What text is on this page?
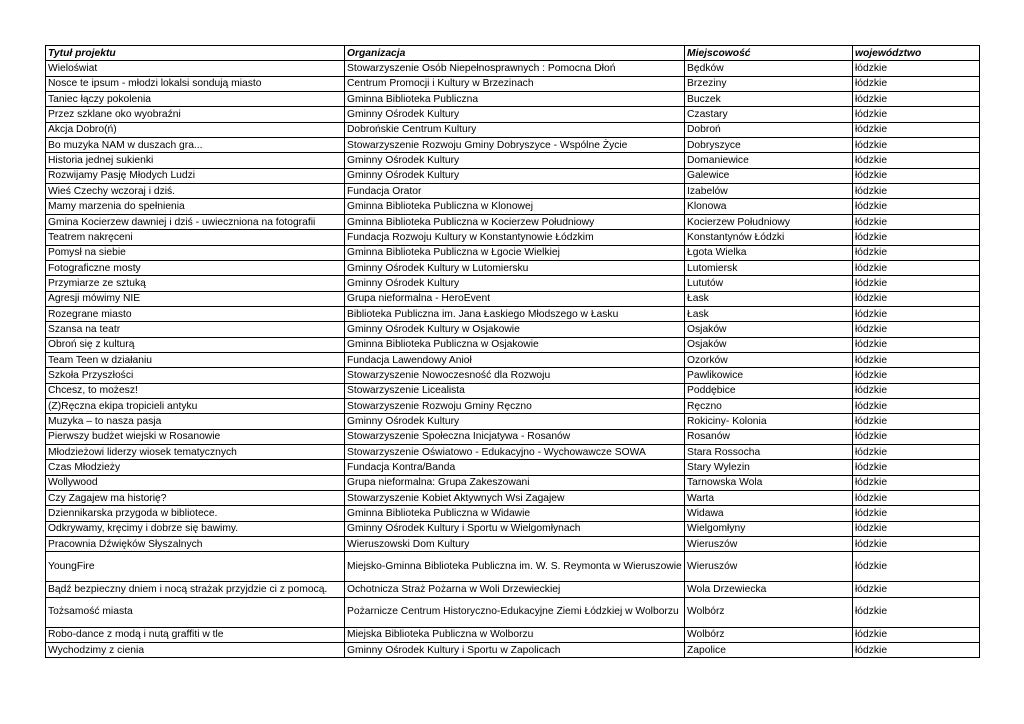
Tytuł projektu	Organizacja	Miejscowość	województwo
Wieloświat	Stowarzyszenie Osób Niepełnosprawnych : Pomocna Dłoń	Będków	łódzkie
Nosce te ipsum - młodzi lokalsi sondują miasto	Centrum Promocji i Kultury w Brzezinach	Brzeziny	łódzkie
Taniec łączy pokolenia	Gminna Biblioteka Publiczna	Buczek	łódzkie
Przez szklane oko wyobraźni	Gminny Ośrodek Kultury	Czastary	łódzkie
Akcja Dobro(ń)	Dobrońskie Centrum Kultury	Dobroń	łódzkie
Bo muzyka NAM w duszach gra...	Stowarzyszenie Rozwoju Gminy Dobryszyce - Wspólne Życie	Dobryszyce	łódzkie
Historia jednej sukienki	Gminny Ośrodek Kultury	Domaniewice	łódzkie
Rozwijamy Pasję Młodych Ludzi	Gminny Ośrodek Kultury	Galewice	łódzkie
Wieś Czechy wczoraj i dziś.	Fundacja Orator	Izabelów	łódzkie
Mamy marzenia do spełnienia	Gminna Biblioteka Publiczna w Klonowej	Klonowa	łódzkie
Gmina Kocierzew dawniej i dziś - uwieczniona na fotografii	Gminna Biblioteka Publiczna w Kocierzew Południowy	Kocierzew Południowy	łódzkie
Teatrem nakręceni	Fundacja Rozwoju Kultury w Konstantynowie Łódzkim	Konstantynów Łódzki	łódzkie
Pomysł na siebie	Gminna Biblioteka Publiczna w Łgocie Wielkiej	Łgota Wielka	łódzkie
Fotograficzne mosty	Gminny Ośrodek Kultury w Lutomiersku	Lutomiersk	łódzkie
Przymiarze ze sztuką	Gminny Ośrodek Kultury	Lututów	łódzkie
Agresji mówimy NIE	Grupa nieformalna - HeroEvent	Łask	łódzkie
Rozegrane miasto	Biblioteka Publiczna im. Jana Łaskiego Młodszego w Łasku	Łask	łódzkie
Szansa na teatr	Gminny Ośrodek Kultury w Osjakowie	Osjaków	łódzkie
Obroń się z kulturą	Gminna Biblioteka Publiczna w Osjakowie	Osjaków	łódzkie
Team Teen w działaniu	Fundacja Lawendowy Anioł	Ozorków	łódzkie
Szkoła Przyszłości	Stowarzyszenie Nowoczesność dla Rozwoju	Pawlikowice	łódzkie
Chcesz, to możesz!	Stowarzyszenie Licealista	Poddębice	łódzkie
(Z)Ręczna ekipa tropicieli antyku	Stowarzyszenie Rozwoju Gminy Ręczno	Ręczno	łódzkie
Muzyka – to nasza pasja	Gminny Ośrodek Kultury	Rokiciny- Kolonia	łódzkie
Pierwszy budżet wiejski w Rosanowie	Stowarzyszenie Społeczna Inicjatywa - Rosanów	Rosanów	łódzkie
Młodzieżowi liderzy wiosek tematycznych	Stowarzyszenie Oświatowo - Edukacyjno - Wychowawcze SOWA	Stara Rossocha	łódzkie
Czas Młodzieży	Fundacja Kontra/Banda	Stary Wylezin	łódzkie
Wollywood	Grupa nieformalna: Grupa Zakeszowani	Tarnowska Wola	łódzkie
Czy Zagajew ma historię?	Stowarzyszenie Kobiet Aktywnych Wsi Zagajew	Warta	łódzkie
Dziennikarska przygoda w bibliotece.	Gminna Biblioteka Publiczna w Widawie	Widawa	łódzkie
Odkrywamy, kręcimy i dobrze się bawimy.	Gminny Ośrodek Kultury i Sportu w Wielgomłynach	Wielgomłyny	łódzkie
Pracownia Dźwięków Słyszalnych	Wieruszowski Dom Kultury	Wieruszów	łódzkie
YoungFire	Miejsko-Gminna Biblioteka Publiczna im. W. S. Reymonta w Wieruszowie	Wieruszów	łódzkie
Bądź bezpieczny dniem i nocą strażak przyjdzie ci z pomocą.	Ochotnicza Straż Pożarna w Woli Drzewieckiej	Wola Drzewiecka	łódzkie
Tożsamość miasta	Pożarnicze Centrum Historyczno-Edukacyjne Ziemi Łódzkiej w Wolborzu	Wolbórz	łódzkie
Robo-dance z modą i nutą graffiti w tle	Miejska Biblioteka Publiczna w Wolborzu	Wolbórz	łódzkie
Wychodzimy z cienia	Gminny Ośrodek Kultury i Sportu w Zapolicach	Zapolice	łódzkie
